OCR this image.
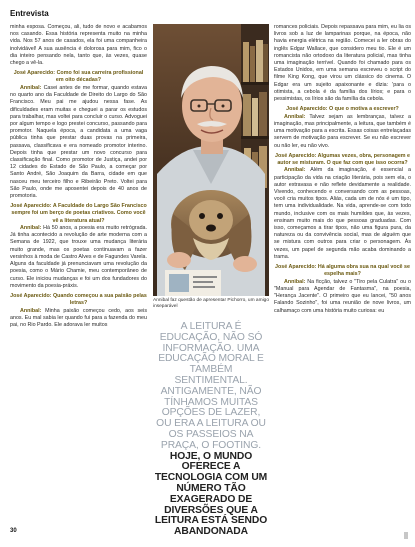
Entrevista

minha esposa. Começou, ali, tudo de novo e acabamos nos casando. Essa história representa muito na minha vida. Nos 57 anos de casados, ela foi uma companheira inolvidável! A sua ausência é dolorosa para mim, fico o dia inteiro pensando nela, tanto que, às vezes, quase chego a vê-la.

José Aparecido: Como foi sua carreira profissional em oito décadas?

Annibal: Casei antes de me formar, quando estava no quarto ano da Faculdade de Direito do Largo do São Francisco. Meu pai me ajudou nessa fase. As dificuldades eram muitas e cheguei a parar os estudos para trabalhar, mas voltei para concluir o curso. Advoguei por algum tempo e logo prestei concurso, passando para promotor. Naquela época, a candidata a uma vaga pública tinha que prestar duas provas na primeira, passava, classificava e era nomeado promotor interino. Depois tinha que prestar um novo concurso para classificação final. Como promotor de Justiça, andei por 12 cidades do Estado de São Paulo, a começar por Santo André, São Joaquim da Barra, cidade em que nasceu meu terceiro filho e Ribeirão Preto. Voltei para São Paulo, onde me aposentei depois de 40 anos de promotoria.

José Aparecido: A Faculdade do Largo São Francisco sempre foi um berço de poetas criativos. Como você vê a literatura atual?

Annibal: Há 50 anos, a poesia era muito retrógrada. Já tinha acontecido a revolução de arte moderna com a Semana de 1922, que trouxe uma mudança literária muito grande, mas os poetas continuavam a fazer versinhos à moda de Castro Alves e de Fagundes Varela. Alguns da faculdade já prenunciavam uma revolução da poesia, como o Mário Chamie, meu contemporâneo de curso. Ele iniciou mudanças e foi um dos fundadores do movimento da poesia-práxis.

José Aparecido: Quando começou a sua paixão pelas letras?

Annibal: Minha paixão começou cedo, aos seis anos. Eu mal sabia ler quando fui para a fazenda do meu pai, no Rio Pardo. Ele adorava ler muitos

Annibal faz questão de apresentar Pichorro, um amigo inseparável
A LEITURA É EDUCAÇÃO, NÃO SÓ INFORMAÇÃO. UMA EDUCAÇÃO MORAL E TAMBÉM SENTIMENTAL. ANTIGAMENTE, NÃO TÍNHAMOS MUITAS OPÇÕES DE LAZER, OU ERA A LEITURA OU OS PASSEIOS NA PRAÇA, O FOOTING. HOJE, O MUNDO OFERECE A TECNOLOGIA COM UM NÚMERO TÃO EXAGERADO DE DIVERSÕES QUE A LEITURA ESTÁ SENDO ABANDONADA

romances policiais. Depois repassava para mim, eu lia os livros sob a luz de lamparinas porque, na época, não havia energia elétrica na região. Comecei a ler obras do inglês Edgar Wallace, que considero meu tio. Ele é um romancista não ortodoxo da literatura policial, mas tinha uma imaginação terrível. Quando foi chamado para os Estados Unidos, em uma semana escreveu o script do filme King Kong, que virou um clássico do cinema. O Edgar era um sujeito apaixonante e dizia: 'para o otimista, a cebola é da família dos lírios; e para o pessimistas, os lírios são da família da cebola.

José Aparecido: O que o motiva a escrever?

Annibal: Talvez sejam as lembranças, talvez a imaginação, mas principalmente, a leitura, que também é uma motivação para a escrita. Essas coisas entrelaçadas servem de motivação para escrever. Se eu não escrever ou não ler, eu não vivo.

José Aparecido: Algumas vezes, obra, personagem e autor se misturam. O que faz com que isso ocorra?

Annibal: Além da imaginação, é essencial a participação da vida na criação literária, pois sem ela, o autor extravasa e não reflete devidamente a realidade. Vivendo, conhecendo e conversando com as pessoas, você cria muitos tipos. Aliás, cada um de nós é um tipo, tem uma individualidade. Na vida, aprende-se com todo mundo, inclusive com os mais humildes que, às vezes, ensinam muito mais do que pessoas graduadas. Com isso, começamos a tirar tipos, não uma figura pura, da natureza ou da convivência social, mas de alguém que se mistura com outros para criar o personagem. Às vezes, um papel de segunda mão acaba dominando a trama.

José Aparecido: Há alguma obra sua na qual você se espelha mais?

Annibal: Na ficção, talvez o "Tiro pela Culatra" ou o "Manual para Agendar de Fantasma", na poesia, "Herança Jacente". O primeiro que eu lancei, "50 anos Falando Sozinho", foi uma reunião de nove livros, um calhamaço com uma história muito curiosa: eu

30
